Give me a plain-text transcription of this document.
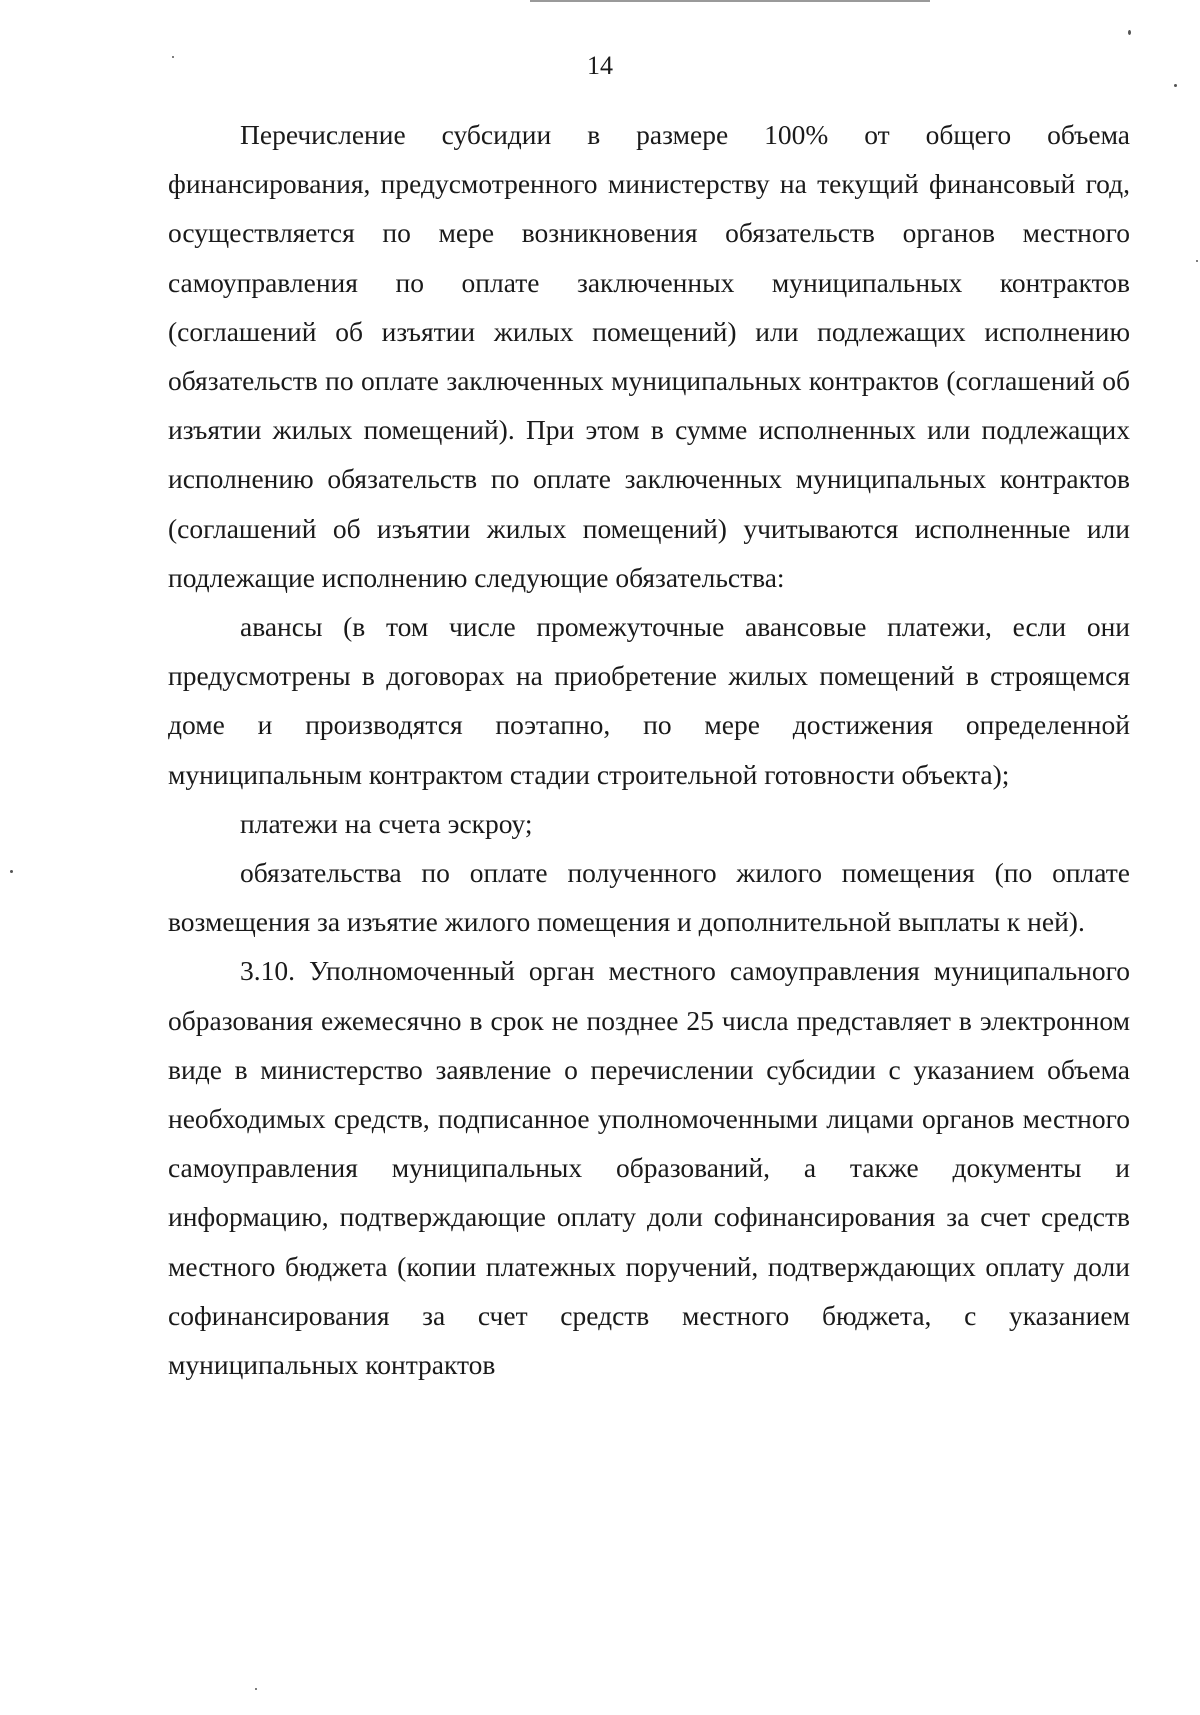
14

Перечисление субсидии в размере 100% от общего объема финансирования, предусмотренного министерству на текущий финансовый год, осуществляется по мере возникновения обязательств органов местного самоуправления по оплате заключенных муниципальных контрактов (соглашений об изъятии жилых помещений) или подлежащих исполнению обязательств по оплате заключенных муниципальных контрактов (соглашений об изъятии жилых помещений). При этом в сумме исполненных или подлежащих исполнению обязательств по оплате заключенных муниципальных контрактов (соглашений об изъятии жилых помещений) учитываются исполненные или подлежащие исполнению следующие обязательства:

авансы (в том числе промежуточные авансовые платежи, если они предусмотрены в договорах на приобретение жилых помещений в строящемся доме и производятся поэтапно, по мере достижения определенной муниципальным контрактом стадии строительной готовности объекта);

платежи на счета эскроу;

обязательства по оплате полученного жилого помещения (по оплате возмещения за изъятие жилого помещения и дополнительной выплаты к ней).

3.10. Уполномоченный орган местного самоуправления муниципального образования ежемесячно в срок не позднее 25 числа представляет в электронном виде в министерство заявление о перечислении субсидии с указанием объема необходимых средств, подписанное уполномоченными лицами органов местного самоуправления муниципальных образований, а также документы и информацию, подтверждающие оплату доли софинансирования за счет средств местного бюджета (копии платежных поручений, подтверждающих оплату доли софинансирования за счет средств местного бюджета, с указанием муниципальных контрактов
